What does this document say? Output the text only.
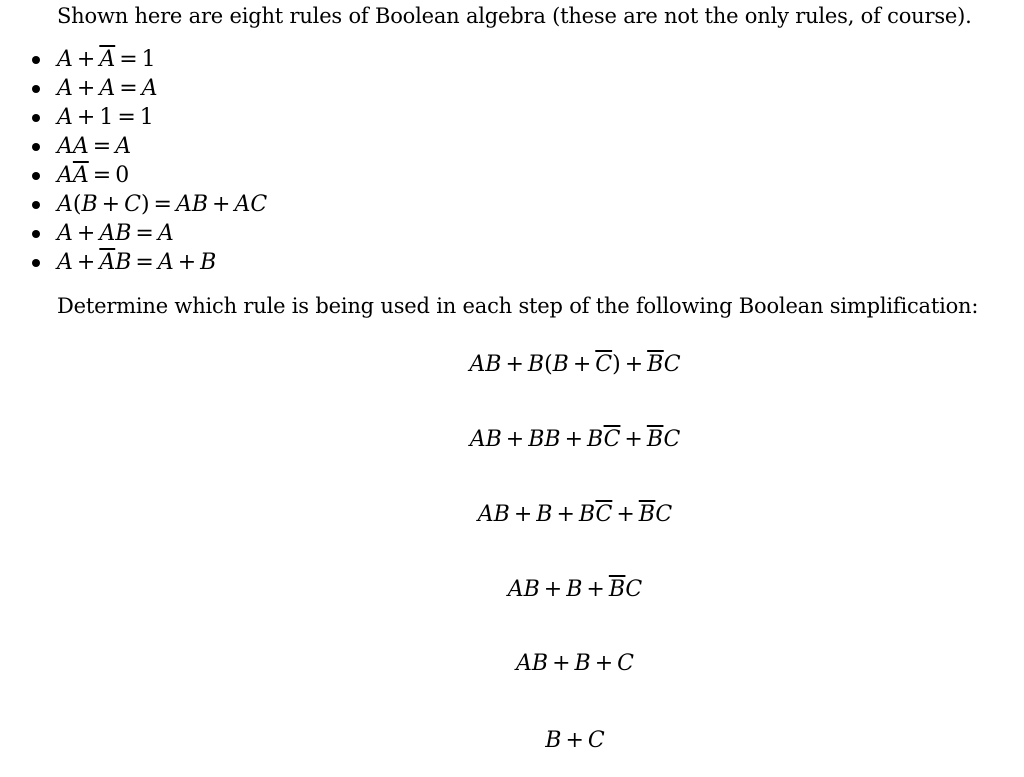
Shown here are eight rules of Boolean algebra (these are not the only rules, of course).
$A + \overline{A} = 1$
A + A = A
A + 1 = 1
AA = A
$A\overline{A} = 0$
A(B + C) = AB + AC
A + AB = A
$A + \overline{A}B = A + B$
Determine which rule is being used in each step of the following Boolean simplification:
AB + $B(B + \overline{C}) + \overline{B}C$
AB + BB + $B\overline{C} + \overline{B}C$
AB + $B + B\overline{C} + \overline{B}C$
AB + $B + \overline{B}C$
AB + B + C
B + C
